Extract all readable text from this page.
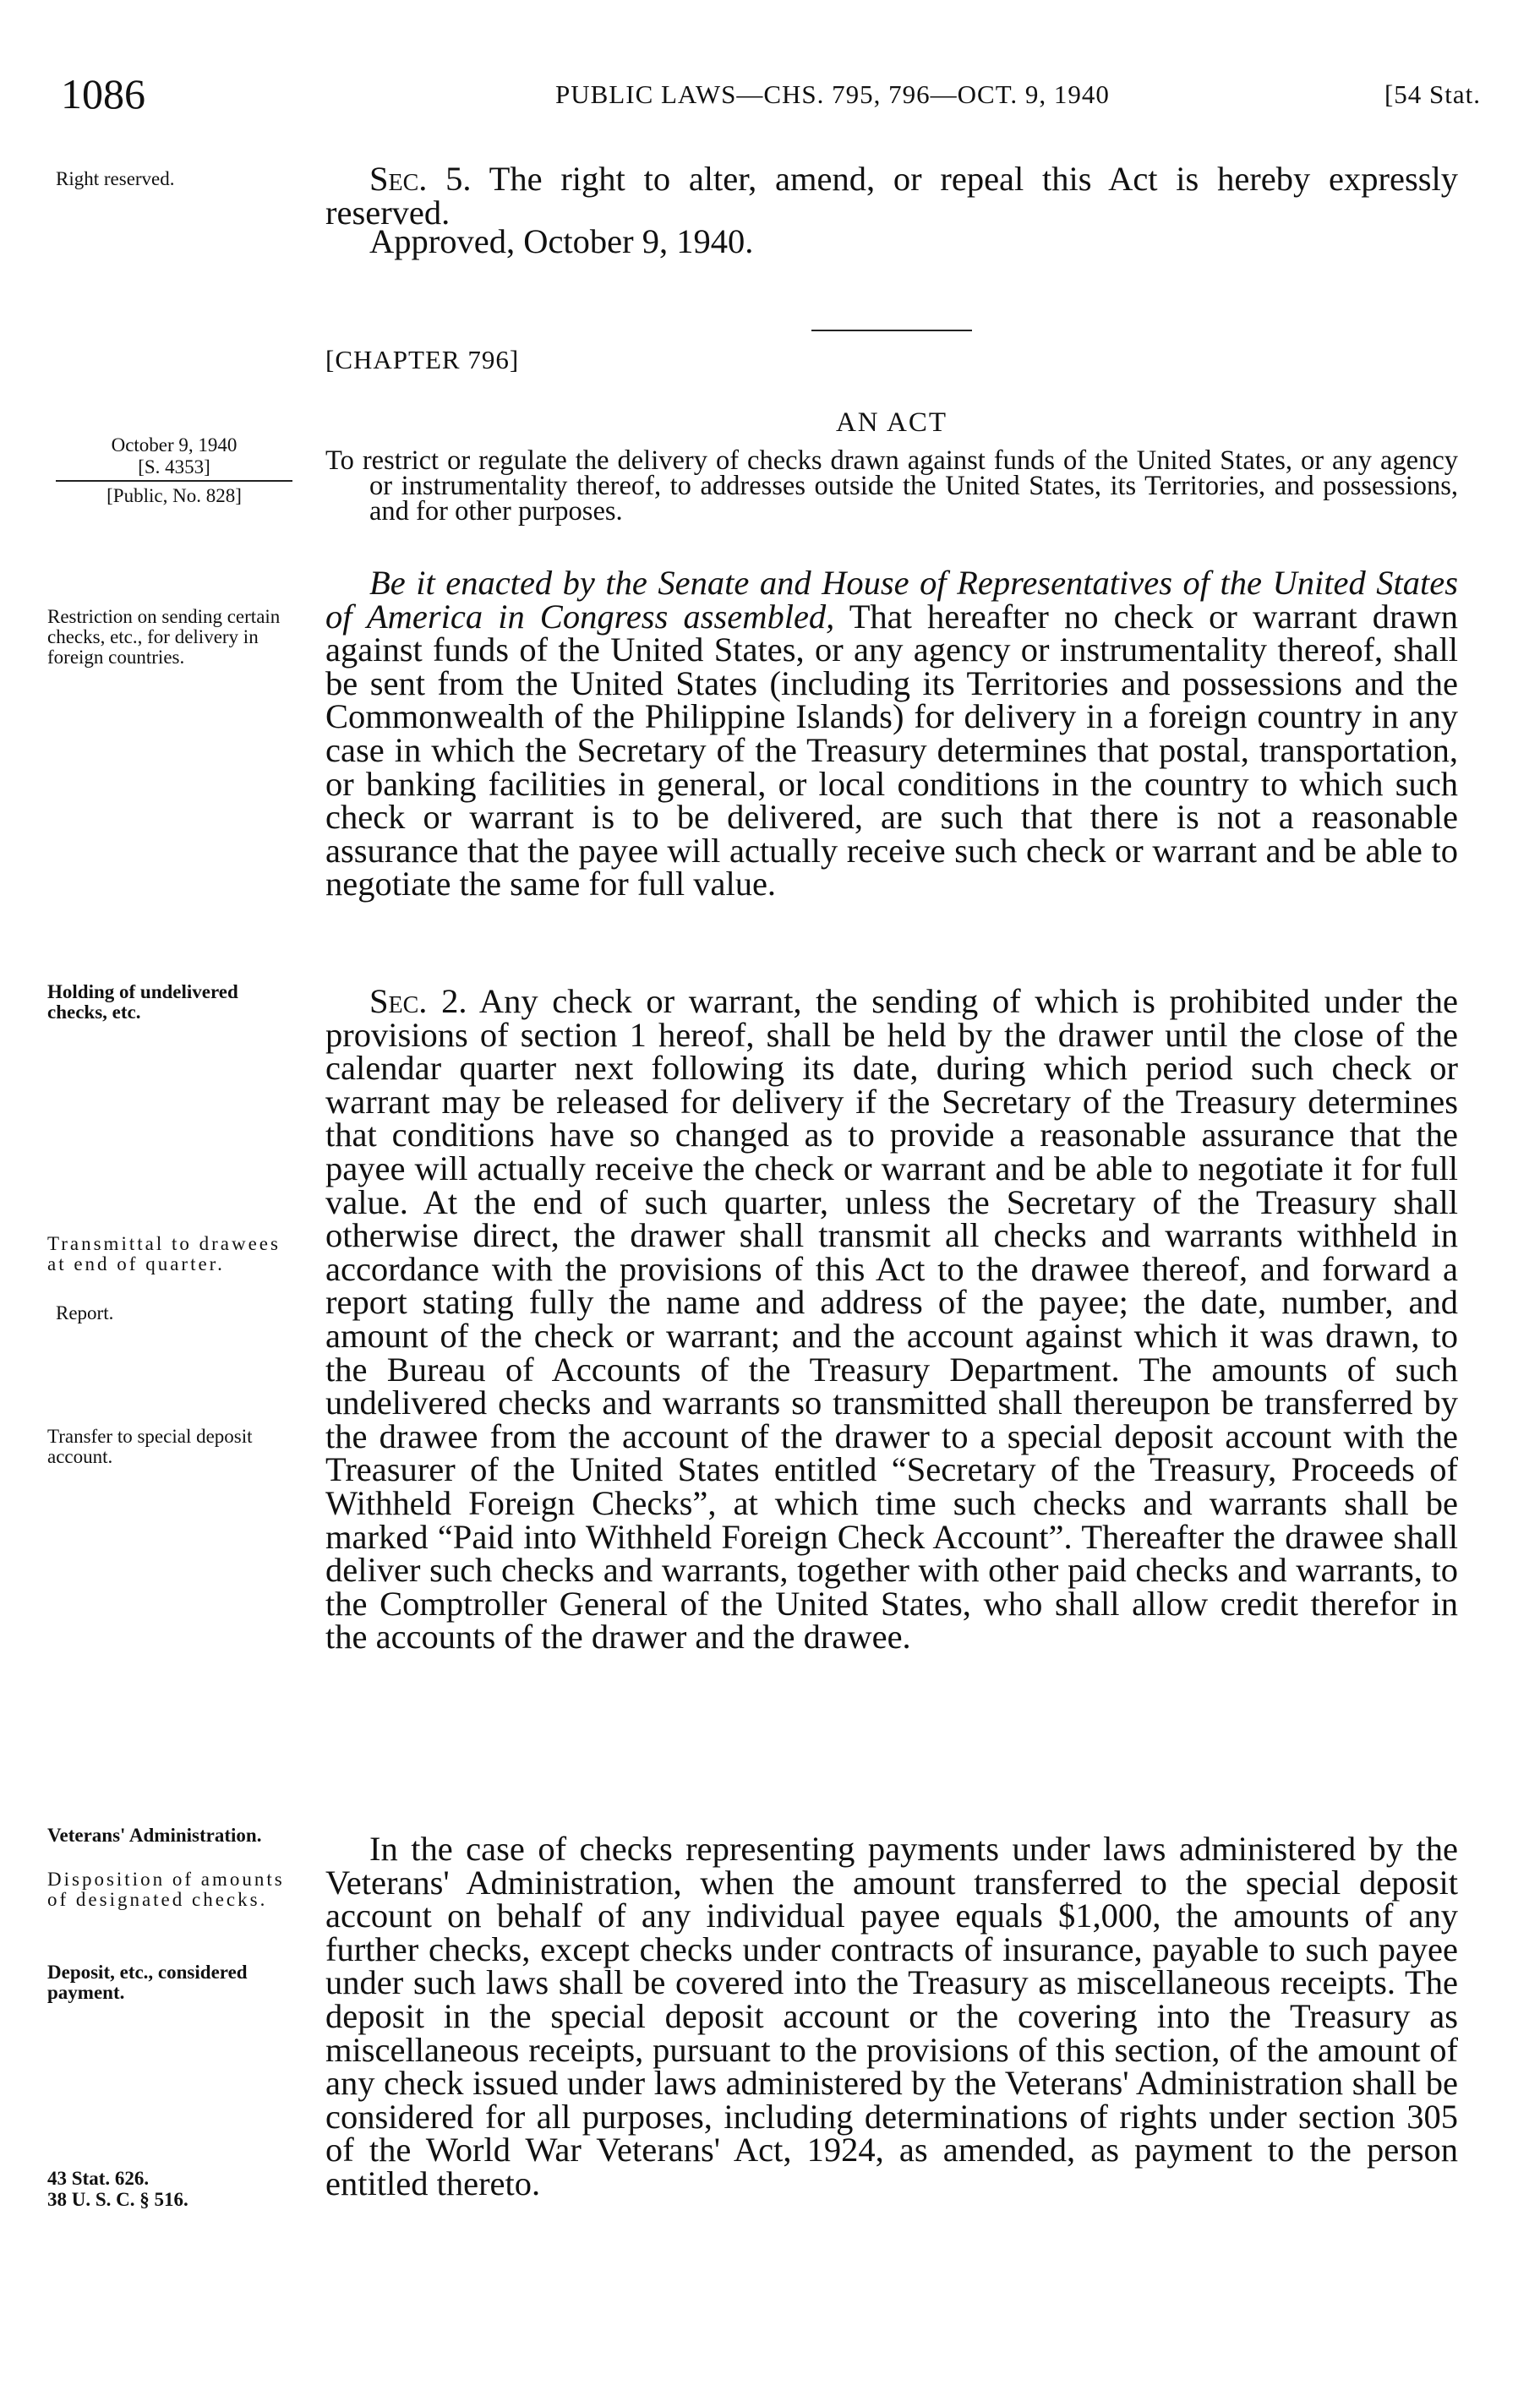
1086	PUBLIC LAWS—CHS. 795, 796—OCT. 9, 1940	[54 Stat.
Right reserved.
October 9, 1940
[S. 4353]
[Public, No. 828]
Restriction on sending certain checks, etc., for delivery in foreign countries.
Holding of undelivered checks, etc.
Transmittal to drawees at end of quarter.
Report.
Transfer to special deposit account.
Veterans' Administration.
Disposition of amounts of designated checks.
Deposit, etc., considered payment.
43 Stat. 626.
38 U. S. C. § 516.

Sec. 5. The right to alter, amend, or repeal this Act is hereby expressly reserved.

Approved, October 9, 1940.
[CHAPTER 796]
AN ACT

To restrict or regulate the delivery of checks drawn against funds of the United States, or any agency or instrumentality thereof, to addresses outside the United States, its Territories, and possessions, and for other purposes.

Be it enacted by the Senate and House of Representatives of the United States of America in Congress assembled, That hereafter no check or warrant drawn against funds of the United States, or any agency or instrumentality thereof, shall be sent from the United States (including its Territories and possessions and the Commonwealth of the Philippine Islands) for delivery in a foreign country in any case in which the Secretary of the Treasury determines that postal, transportation, or banking facilities in general, or local conditions in the country to which such check or warrant is to be delivered, are such that there is not a reasonable assurance that the payee will actually receive such check or warrant and be able to negotiate the same for full value.

Sec. 2. Any check or warrant, the sending of which is prohibited under the provisions of section 1 hereof, shall be held by the drawer until the close of the calendar quarter next following its date, during which period such check or warrant may be released for delivery if the Secretary of the Treasury determines that conditions have so changed as to provide a reasonable assurance that the payee will actually receive the check or warrant and be able to negotiate it for full value. At the end of such quarter, unless the Secretary of the Treasury shall otherwise direct, the drawer shall transmit all checks and warrants withheld in accordance with the provisions of this Act to the drawee thereof, and forward a report stating fully the name and address of the payee; the date, number, and amount of the check or warrant; and the account against which it was drawn, to the Bureau of Accounts of the Treasury Department. The amounts of such undelivered checks and warrants so transmitted shall thereupon be transferred by the drawee from the account of the drawer to a special deposit account with the Treasurer of the United States entitled “Secretary of the Treasury, Proceeds of Withheld Foreign Checks”, at which time such checks and warrants shall be marked “Paid into Withheld Foreign Check Account”. Thereafter the drawee shall deliver such checks and warrants, together with other paid checks and warrants, to the Comptroller General of the United States, who shall allow credit therefor in the accounts of the drawer and the drawee.

In the case of checks representing payments under laws administered by the Veterans' Administration, when the amount transferred to the special deposit account on behalf of any individual payee equals $1,000, the amounts of any further checks, except checks under contracts of insurance, payable to such payee under such laws shall be covered into the Treasury as miscellaneous receipts. The deposit in the special deposit account or the covering into the Treasury as miscellaneous receipts, pursuant to the provisions of this section, of the amount of any check issued under laws administered by the Veterans' Administration shall be considered for all purposes, including determinations of rights under section 305 of the World War Veterans' Act, 1924, as amended, as payment to the person entitled thereto.
